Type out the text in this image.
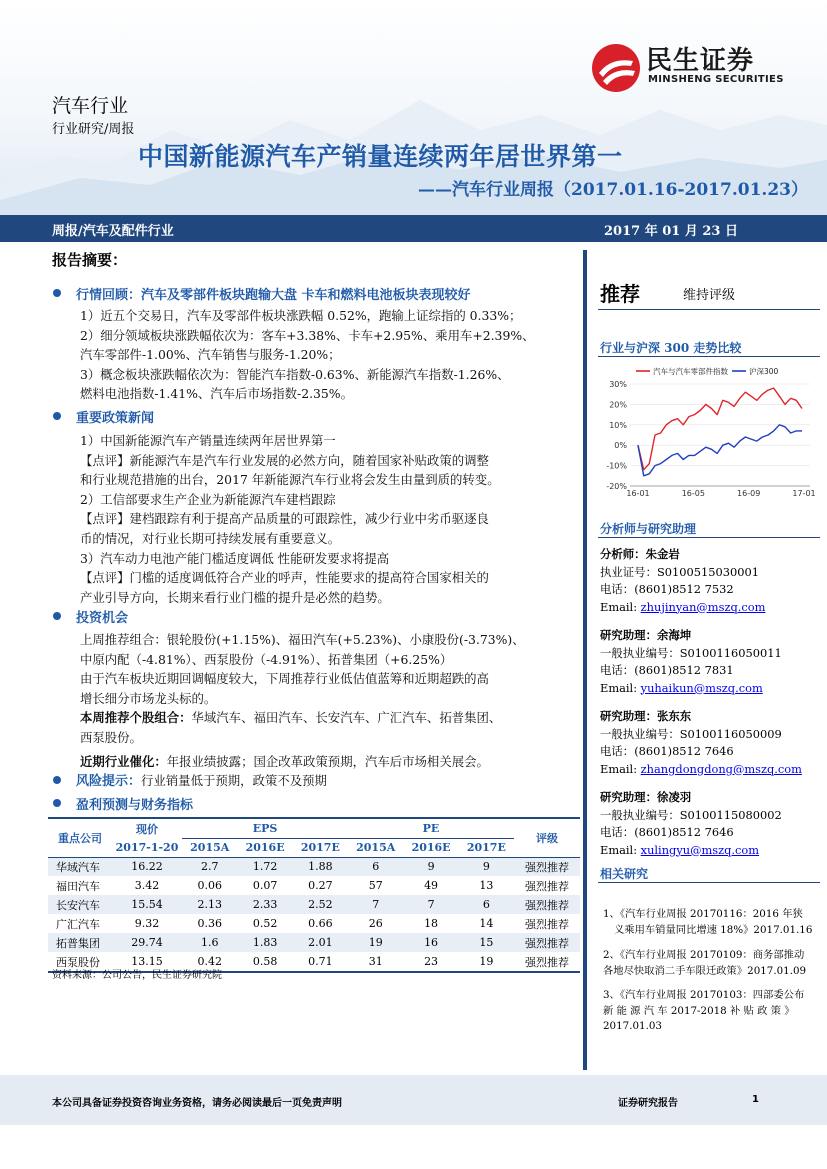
民生证券
MINSHENG SECURITIES
汽车行业
行业研究/周报
中国新能源汽车产销量连续两年居世界第一
——汽车行业周报（2017.01.16-2017.01.23）
周报/汽车及配件行业	2017 年 01 月 23 日
报告摘要：
行情回顾：汽车及零部件板块跑输大盘 卡车和燃料电池板块表现较好

1）近五个交易日，汽车及零部件板块涨跌幅 0.52%，跑输上证综指的 0.33%；

2）细分领域板块涨跌幅依次为：客车+3.38%、卡车+2.95%、乘用车+2.39%、

汽车零部件-1.00%、汽车销售与服务-1.20%；

3）概念板块涨跌幅依次为：智能汽车指数-0.63%、新能源汽车指数-1.26%、

燃料电池指数-1.41%、汽车后市场指数-2.35%。

重要政策新闻

1）中国新能源汽车产销量连续两年居世界第一

【点评】新能源汽车是汽车行业发展的必然方向，随着国家补贴政策的调整

和行业规范措施的出台，2017 年新能源汽车行业将会发生由量到质的转变。

2）工信部要求生产企业为新能源汽车建档跟踪

【点评】建档跟踪有利于提高产品质量的可跟踪性，减少行业中劣币驱逐良

币的情况，对行业长期可持续发展有重要意义。

3）汽车动力电池产能门槛适度调低 性能研发要求将提高

【点评】门槛的适度调低符合产业的呼声，性能要求的提高符合国家相关的

产业引导方向，长期来看行业门槛的提升是必然的趋势。

投资机会

上周推荐组合：银轮股份(+1.15%)、福田汽车(+5.23%)、小康股份(-3.73%)、

中原内配（-4.81%）、西泵股份（-4.91%）、拓普集团（+6.25%）

由于汽车板块近期回调幅度较大，下周推荐行业低估值蓝筹和近期超跌的高

增长细分市场龙头标的。

本周推荐个股组合：华域汽车、福田汽车、长安汽车、广汇汽车、拓普集团、

西泵股份。

近期行业催化：年报业绩披露；国企改革政策预期，汽车后市场相关展会。

风险提示：行业销量低于预期，政策不及预期
盈利预测与财务指标
重点公司	现价	EPS			PE			评级
	2017-1-20	2015A	2016E	2017E	2015A	2016E	2017E	
华域汽车	16.22	2.7	1.72	1.88	6	9	9	强烈推荐
福田汽车	3.42	0.06	0.07	0.27	57	49	13	强烈推荐
长安汽车	15.54	2.13	2.33	2.52	7	7	6	强烈推荐
广汇汽车	9.32	0.36	0.52	0.66	26	18	14	强烈推荐
拓普集团	29.74	1.6	1.83	2.01	19	16	15	强烈推荐
西泵股份	13.15	0.42	0.58	0.71	31	23	19	强烈推荐
资料来源：公司公告，民生证券研究院
推荐	维持评级
行业与沪深 300 走势比较
30%
20%
10%
0%
-10%
-20%
16-01	16-05	16-09	17-01
汽车与汽车零部件指数	沪深300
分析师与研究助理
分析师：朱金岩
执业证号：S0100515030001
电话：(8601)8512 7532
Email: zhujinyan@mszq.com
研究助理：余海坤
一般执业编号：S0100116050011
电话：(8601)8512 7831
Email: yuhaikun@mszq.com
研究助理：张东东
一般执业编号：S0100116050009
电话：(8601)8512 7646
Email: zhangdongdong@mszq.com
研究助理：徐凌羽
一般执业编号：S0100115080002
电话：(8601)8512 7646
Email: xulingyu@mszq.com
相关研究
1、《汽车行业周报 20170116：2016 年狭
义乘用车销量同比增速 18%》2017.01.16
2、《汽车行业周报 20170109：商务部推动
各地尽快取消二手车限迁政策》2017.01.09
3、《汽车行业周报 20170103：四部委公布
新 能 源 汽 车 2017-2018 补 贴 政 策 》
2017.01.03
本公司具备证券投资咨询业务资格，请务必阅读最后一页免责声明	证券研究报告	1
